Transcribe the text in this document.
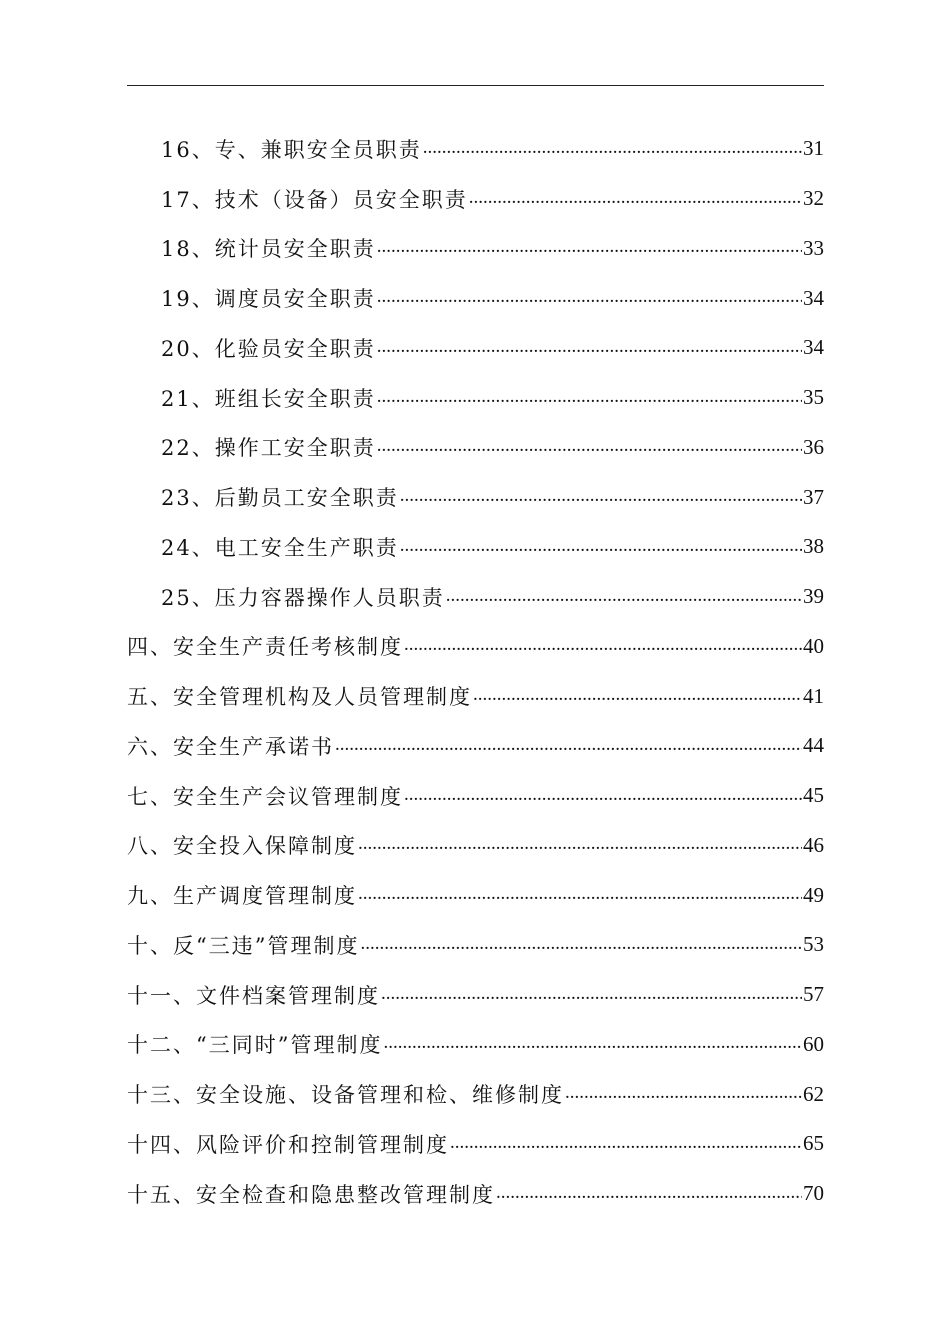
16、专、兼职安全员职责 .....	31
17、技术（设备）员安全职责 .....	32
18、统计员安全职责 .....	33
19、调度员安全职责 .....	34
20、化验员安全职责 .....	34
21、班组长安全职责 .....	35
22、操作工安全职责 .....	36
23、后勤员工安全职责 .....	37
24、电工安全生产职责 .....	38
25、压力容器操作人员职责 .....	39
四、安全生产责任考核制度 .....	40
五、安全管理机构及人员管理制度 .....	41
六、安全生产承诺书 .....	44
七、安全生产会议管理制度 .....	45
八、安全投入保障制度 .....	46
九、生产调度管理制度 .....	49
十、反“三违”管理制度 .....	53
十一、文件档案管理制度 .....	57
十二、“三同时”管理制度 .....	60
十三、安全设施、设备管理和检、维修制度 .....	62
十四、风险评价和控制管理制度 .....	65
十五、安全检查和隐患整改管理制度 .....	70
